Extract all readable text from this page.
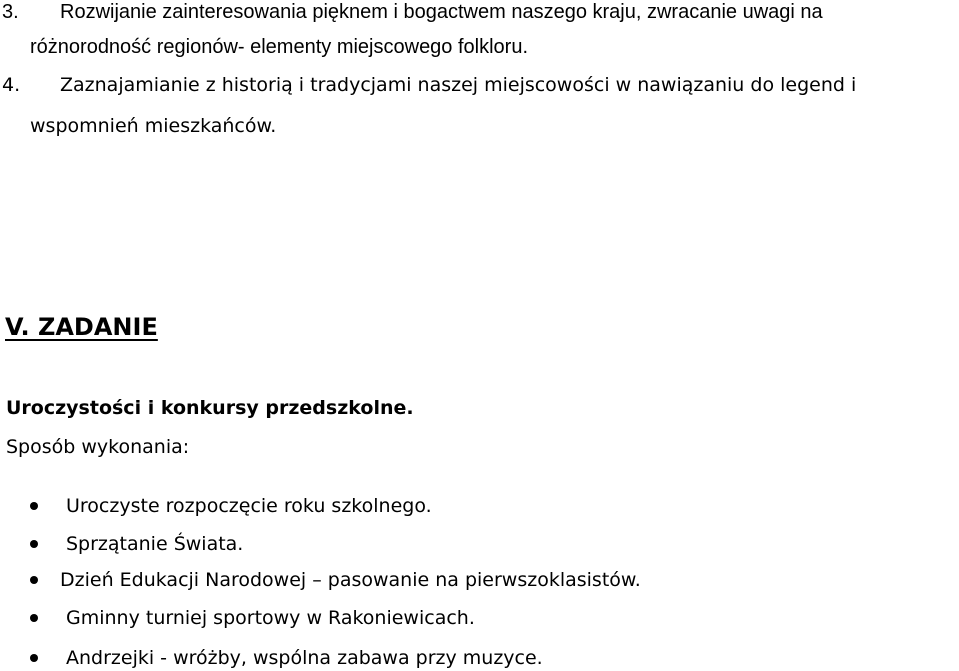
3. Rozwijanie zainteresowania pięknem i bogactwem naszego kraju, zwracanie uwagi na
różnorodność regionów- elementy miejscowego folkloru.
4. Zaznajamianie z historią i tradycjami naszej miejscowości w nawiązaniu do legend i
wspomnień mieszkańców.
V. ZADANIE
Uroczystości i konkursy przedszkolne.
Sposób wykonania:
Uroczyste rozpoczęcie roku szkolnego.
Sprzątanie Świata.
Dzień Edukacji Narodowej – pasowanie na pierwszoklasistów.
Gminny turniej sportowy w Rakoniewicach.
Andrzejki - wróżby, wspólna zabawa przy muzyce.
